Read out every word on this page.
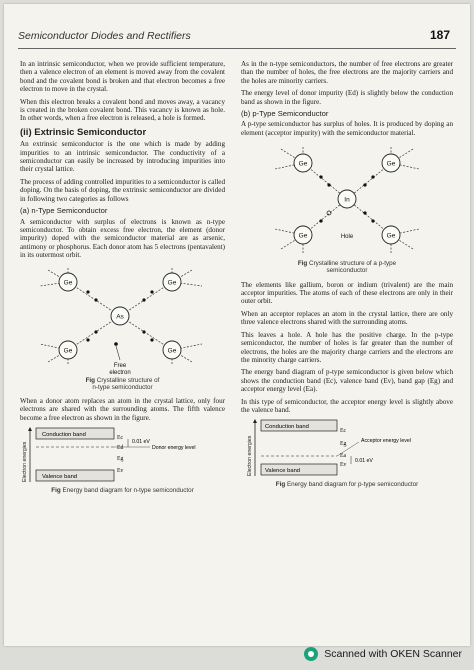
Semiconductor Diodes and Rectifiers	187

In an intrinsic semiconductor, when we provide sufficient temperature, then a valence electron of an element is moved away from the covalent bond and the covalent bond is broken and that electron becomes a free electron to move in the crystal.

When this electron breaks a covalent bond and moves away, a vacancy is created in the broken covalent bond. This vacancy is known as hole. In other words, when a free electron is released, a hole is formed.

(ii) Extrinsic Semiconductor

An extrinsic semiconductor is the one which is made by adding impurities to an intrinsic semiconductor. The conductivity of a semiconductor can easily be increased by introducing impurities into their crystal lattice.

The process of adding controlled impurities to a semiconductor is called doping. On the basis of doping, the extrinsic semiconductor are divided in following two categories as follows

(a) n-Type Semiconductor

A semiconductor with surplus of electrons is known as n-type semiconductor. To obtain excess free electron, the element (donor impurity) doped with the semiconductor material are as arsenic, antimony or phosphorus. Each donor atom has 5 electrons (pentavalent) in its outermost orbit.

Ge	Ge
As
Ge	Ge
Free
electron
Fig Crystalline structure of
n-type semiconductor

When a donor atom replaces an atom in the crystal lattice, only four electrons are shared with the surrounding atoms. The fifth valence become a free electron as shown in the figure.

Electron energies
Conduction band
Valence band
Ec
Ed
Eg
Ev
0.01 eV
Donor energy level
Fig Energy band diagram for n-type semiconductor

As in the n-type semiconductors, the number of free electrons are greater than the number of holes, the free electrons are the majority carriers and the holes are minority carriers.

The energy level of donor impurity (Ed) is slightly below the conduction band as shown in the figure.

(b) p-Type Semiconductor

A p-type semiconductor has surplus of holes. It is produced by doping an element (acceptor impurity) with the semiconductor material.

Ge	Ge
In
Ge	Ge
Hole
Fig Crystalline structure of a p-type
semiconductor

The elements like gallium, boron or indium (trivalent) are the main acceptor impurities. The atoms of each of these electrons are only in their outer orbit.

When an acceptor replaces an atom in the crystal lattice, there are only three valence electrons shared with the surrounding atoms.

This leaves a hole. A hole has the positive charge. In the p-type semiconductor, the number of holes is far greater than the number of electrons, the holes are the majority charge carriers and the electrons are the minority charge carriers.

The energy band diagram of p-type semiconductor is given below which shows the conduction band (Ec), valence band (Ev), band gap (Eg) and acceptor energy level (Ea).

In this type of semiconductor, the acceptor energy level is slightly above the valence band.

Electron energies
Conduction band
Valence band
Ec
Eg
Ea
Ev
Acceptor energy level
0.01 eV
Fig Energy band diagram for p-type semiconductor
Scanned with OKEN Scanner
